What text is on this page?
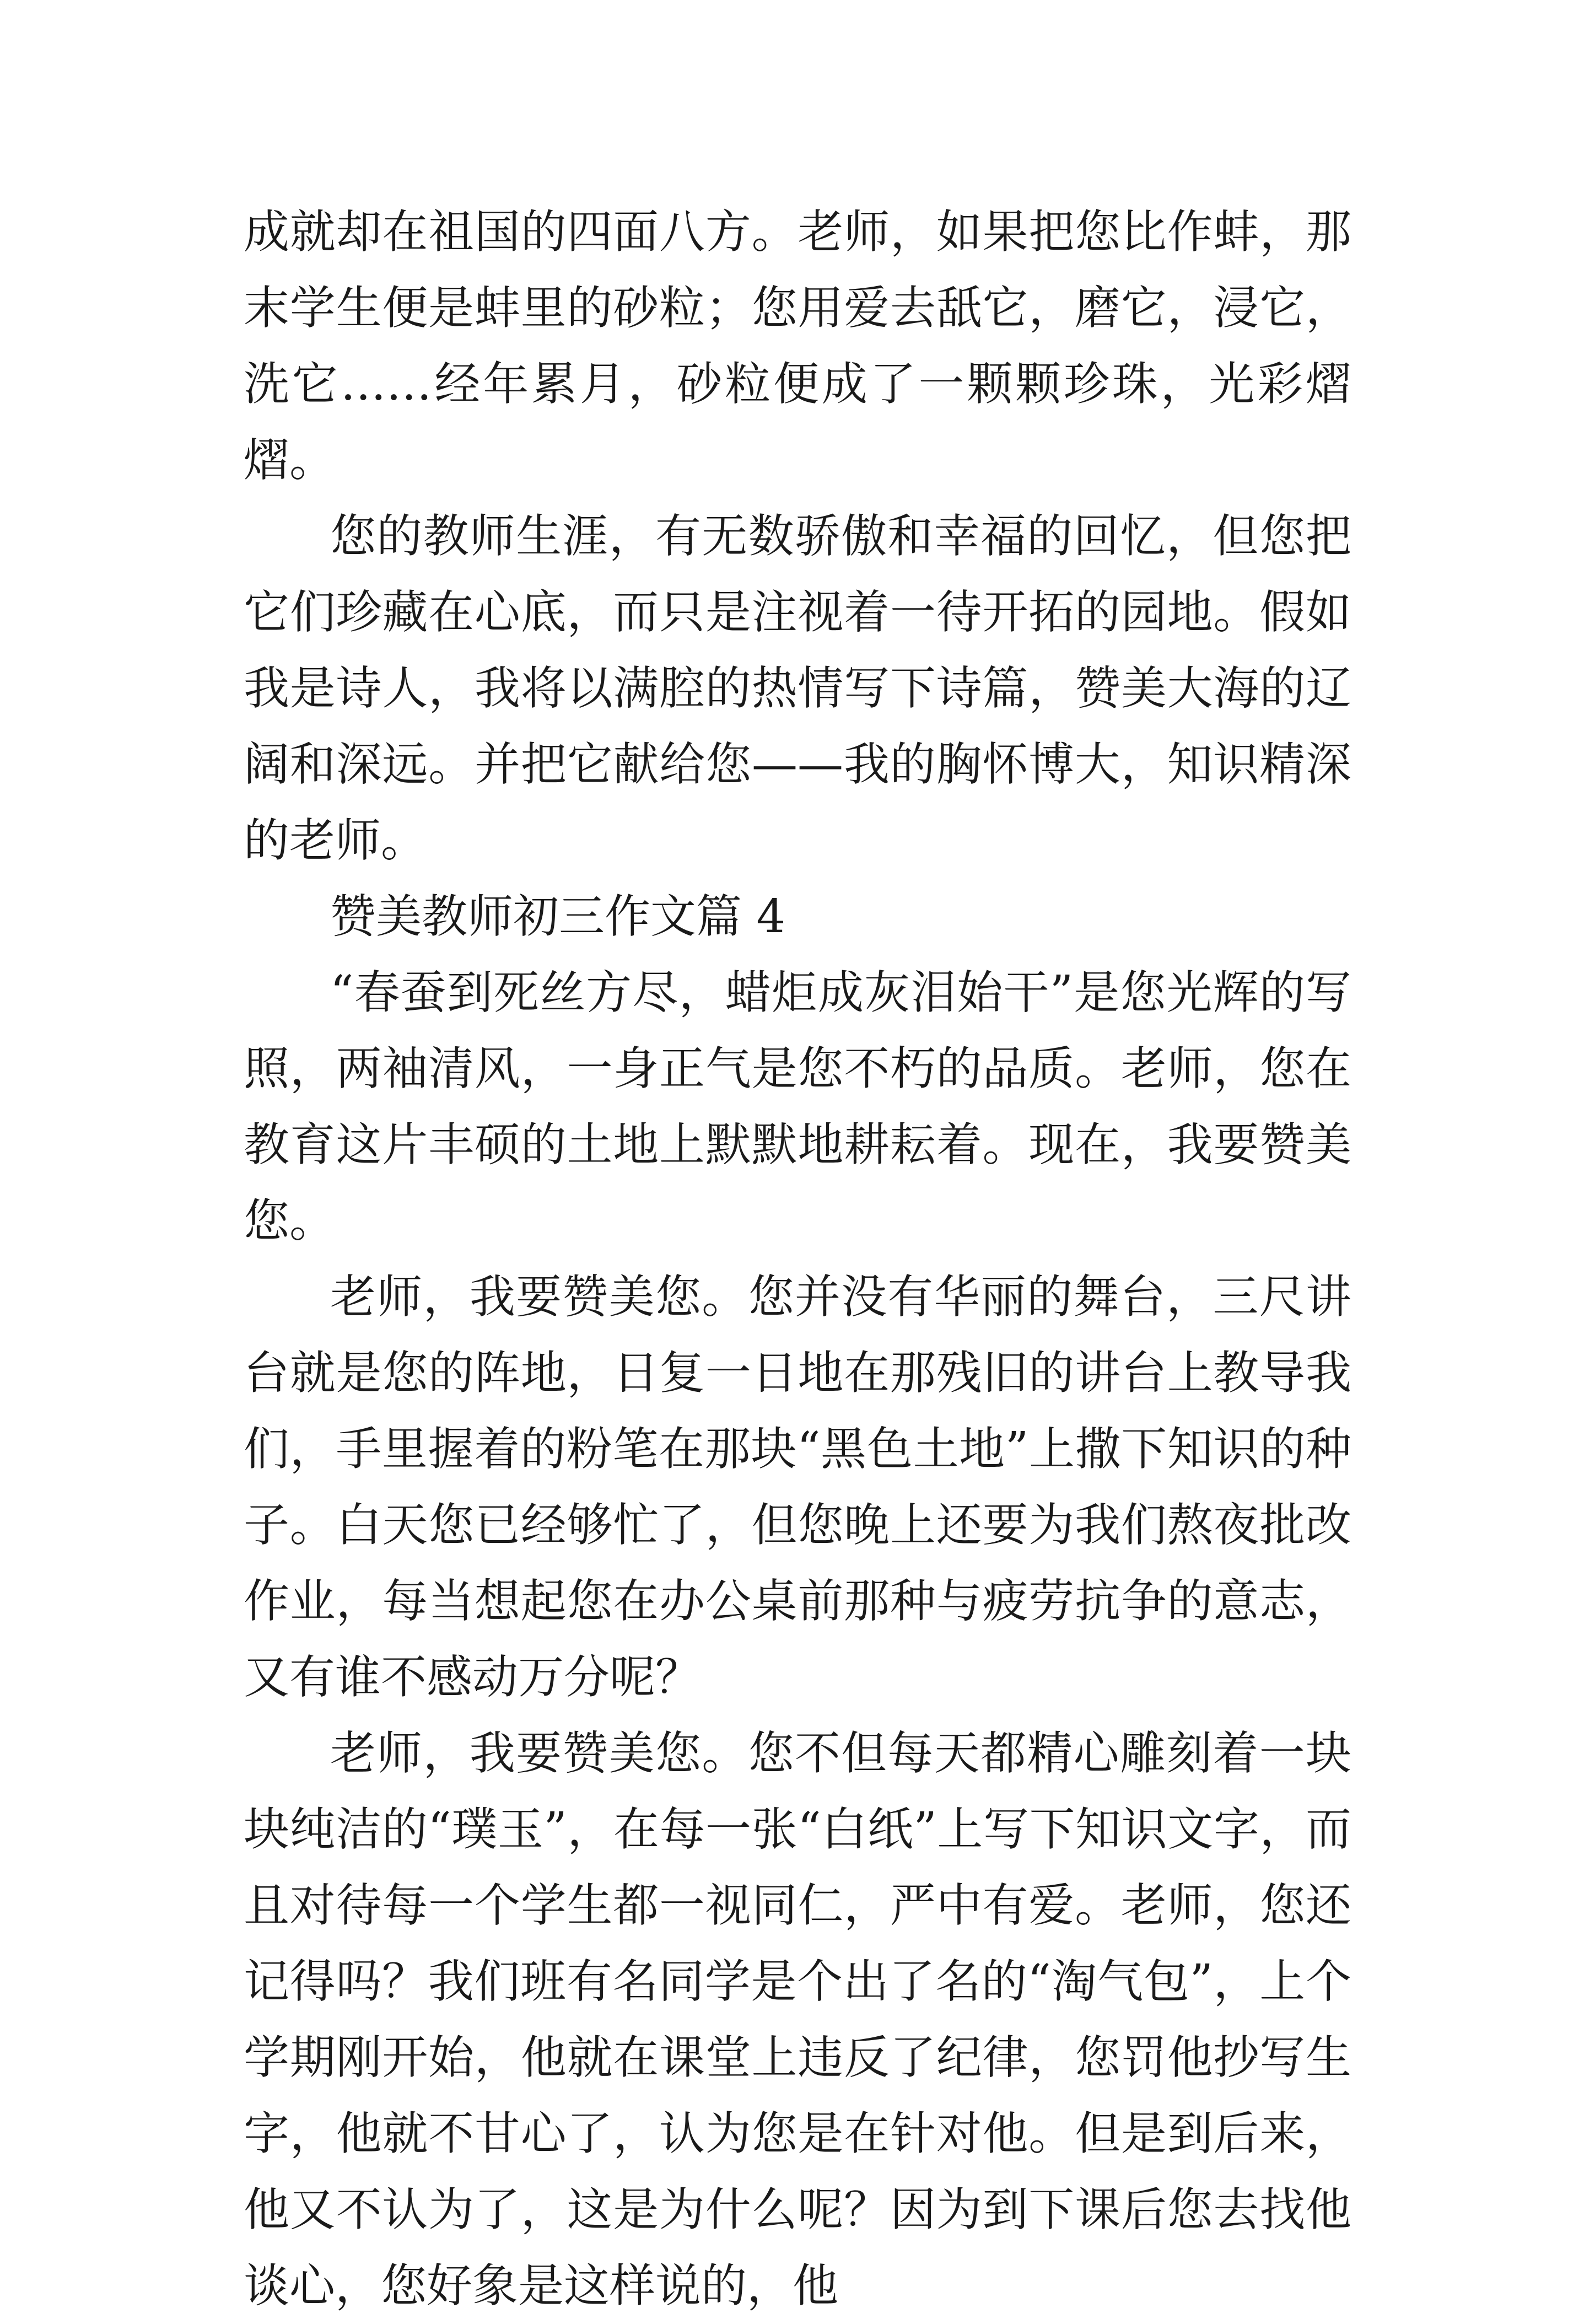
成就却在祖国的四面八方。老师，如果把您比作蚌，那末学生便是蚌里的砂粒；您用爱去舐它，磨它，浸它，洗它……经年累月，砂粒便成了一颗颗珍珠，光彩熠熠。

您的教师生涯，有无数骄傲和幸福的回忆，但您把它们珍藏在心底，而只是注视着一待开拓的园地。假如我是诗人，我将以满腔的热情写下诗篇，赞美大海的辽阔和深远。并把它献给您——我的胸怀博大，知识精深的老师。

赞美教师初三作文篇 4

“春蚕到死丝方尽，蜡炬成灰泪始干”是您光辉的写照，两袖清风，一身正气是您不朽的品质。老师，您在教育这片丰硕的土地上默默地耕耘着。现在，我要赞美您。

老师，我要赞美您。您并没有华丽的舞台，三尺讲台就是您的阵地，日复一日地在那残旧的讲台上教导我们，手里握着的粉笔在那块“黑色土地”上撒下知识的种子。白天您已经够忙了，但您晚上还要为我们熬夜批改作业，每当想起您在办公桌前那种与疲劳抗争的意志，又有谁不感动万分呢？

老师，我要赞美您。您不但每天都精心雕刻着一块块纯洁的“璞玉”，在每一张“白纸”上写下知识文字，而且对待每一个学生都一视同仁，严中有爱。老师，您还记得吗？我们班有名同学是个出了名的“淘气包”，上个学期刚开始，他就在课堂上违反了纪律，您罚他抄写生字，他就不甘心了，认为您是在针对他。但是到后来，他又不认为了，这是为什么呢？因为到下课后您去找他谈心，您好象是这样说的，他
